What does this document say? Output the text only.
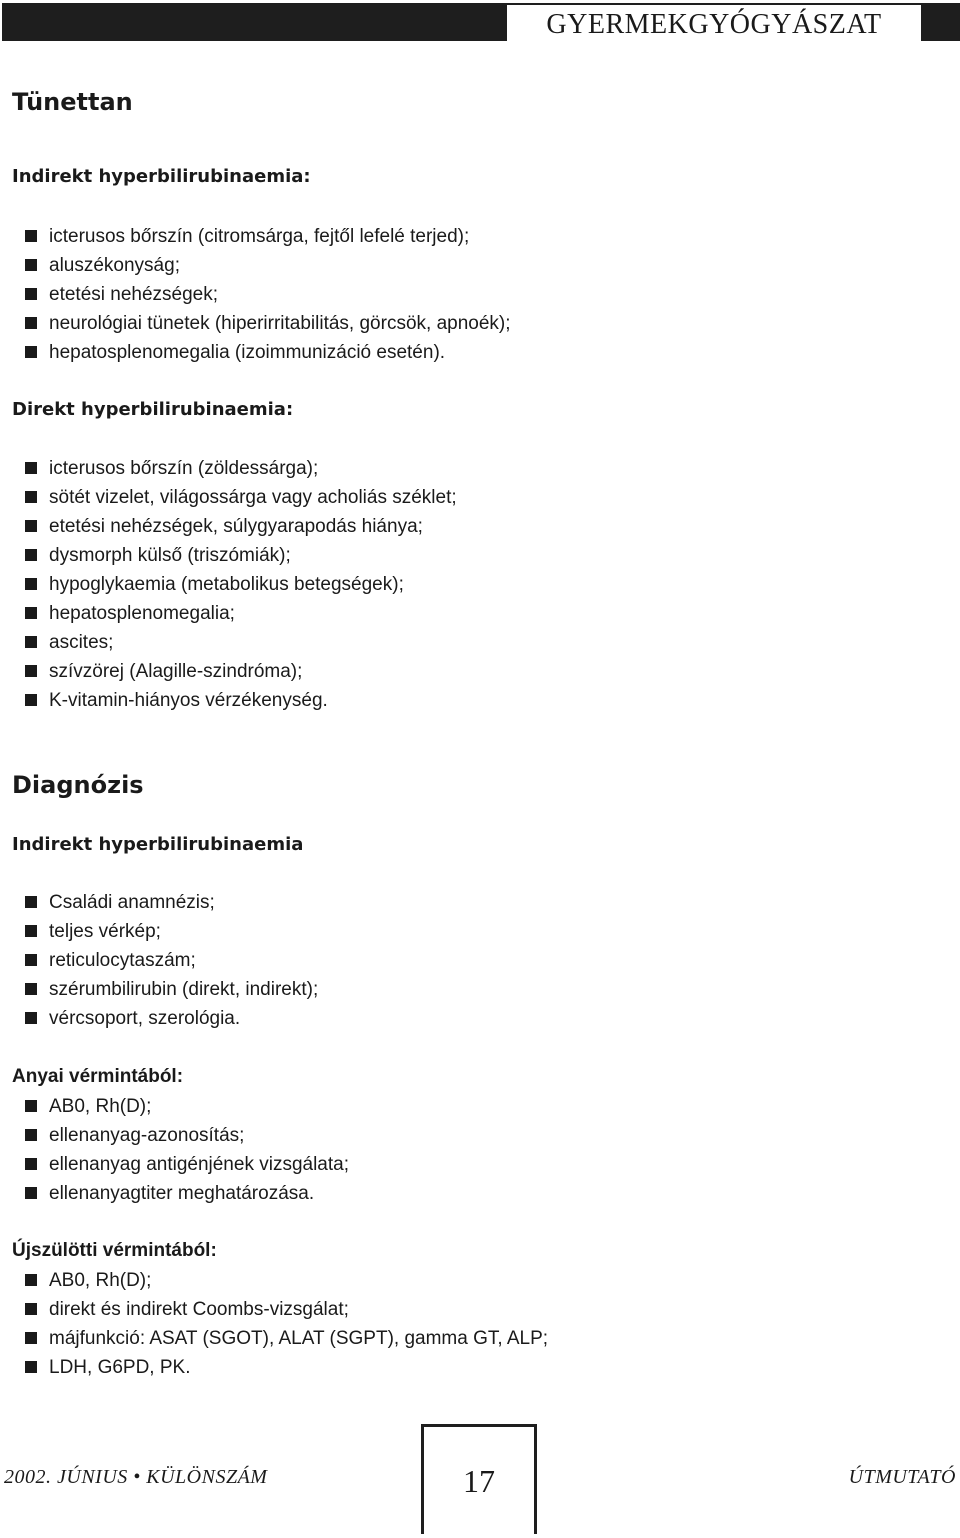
GYERMEKGYÓGYÁSZAT
Tünettan
Indirekt hyperbilirubinaemia:
icterusos bőrszín (citromsárga, fejtől lefelé terjed);
aluszékonyság;
etetési nehézségek;
neurológiai tünetek (hiperirritabilitás, görcsök, apnoék);
hepatosplenomegalia (izoimmunizáció esetén).
Direkt hyperbilirubinaemia:
icterusos bőrszín (zöldessárga);
sötét vizelet, világossárga vagy acholiás széklet;
etetési nehézségek, súlygyarapodás hiánya;
dysmorph külső (triszómiák);
hypoglykaemia (metabolikus betegségek);
hepatosplenomegalia;
ascites;
szívzörej (Alagille-szindróma);
K-vitamin-hiányos vérzékenység.
Diagnózis
Indirekt hyperbilirubinaemia
Családi anamnézis;
teljes vérkép;
reticulocytaszám;
szérumbilirubin (direkt, indirekt);
vércsoport, szerológia.
Anyai vérmintából:
AB0, Rh(D);
ellenanyag-azonosítás;
ellenanyag antigénjének vizsgálata;
ellenanyagtiter meghatározása.
Újszülötti vérmintából:
AB0, Rh(D);
direkt és indirekt Coombs-vizsgálat;
májfunkció: ASAT (SGOT), ALAT (SGPT), gamma GT, ALP;
LDH, G6PD, PK.
2002. JÚNIUS • KÜLÖNSZÁM	17	ÚTMUTATÓ
